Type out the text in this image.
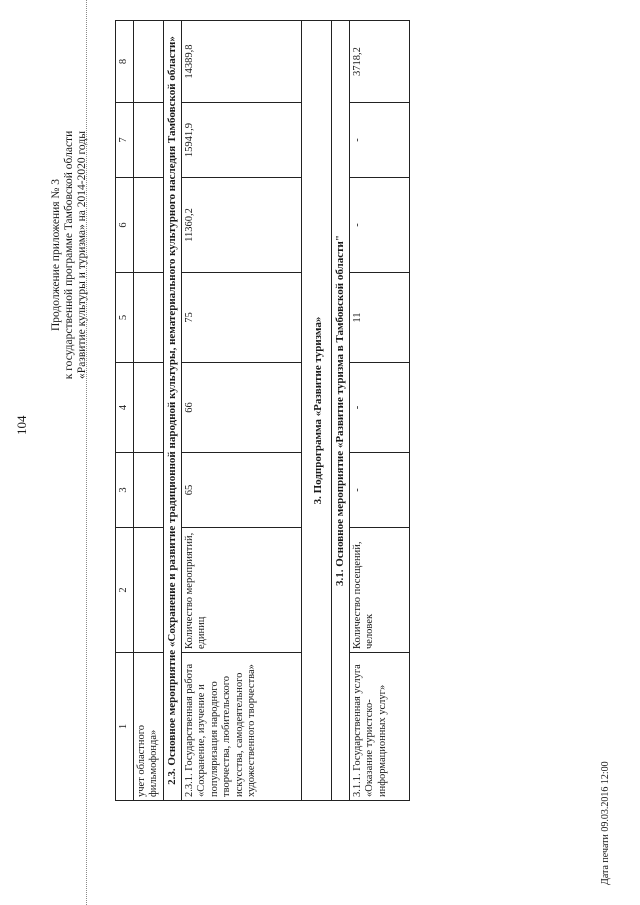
104
Продолжение приложения № 3 к государственной программе Тамбовской области «Развитие культуры и туризма» на 2014-2020 годы
1	2	3	4	5	6	7	8
учет областного фильмофонда»							
2.3. Основное мероприятие «Сохранение и развитие традиционной народной культуры, нематериального культурного наследия Тамбовской области»							
2.3.1. Государственная работа «Сохранение, изучение и популяризация народного творчества, любительского искусства, самодеятельного художественного творчества»	Количество мероприятий, единиц	65	66	75	11360,2	15941,9	14389,8
3. Подпрограмма «Развитие туризма»							
3.1. Основное мероприятие «Развитие туризма в Тамбовской области"							
3.1.1. Государственная услуга «Оказание туристско-информационных услуг»	Количество посещений, человек	-	-	11	-	-	3718,2
Дата печати 09.03.2016 12:00
